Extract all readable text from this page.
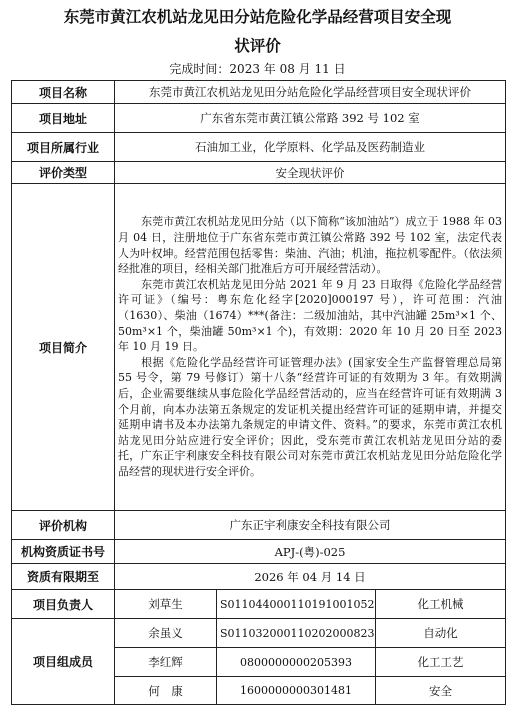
东莞市黄江农机站龙见田分站危险化学品经营项目安全现
状评价
完成时间：2023 年 08 月 11 日
项目名称	东莞市黄江农机站龙见田分站危险化学品经营项目安全现状评价		
项目地址	广东省东莞市黄江镇公常路 392 号 102 室		
项目所属行业	石油加工业，化学原料、化学品及医药制造业		
评价类型	安全现状评价		
项目简介	东莞市黄江农机站龙见田分站（以下简称“该加油站”）成立于 1988 年 03 月 04 日，注册地位于广东省东莞市黄江镇公常路 392 号 102 室，法定代表人为叶权坤。经营范围包括零售：柴油、汽油；机油，拖拉机零配件。（依法须经批准的项目，经相关部门批准后方可开展经营活动）。

东莞市黄江农机站龙见田分站 2021 年 9 月 23 日取得《危险化学品经营许可证》（编号：粤东危化经字[2020]000197 号），许可范围：汽油（1630）、柴油（1674）***(备注：二级加油站，其中汽油罐 25m³×1 个、50m³×1 个，柴油罐 50m³×1 个)，有效期：2020 年 10 月 20 日至 2023 年 10 月 19 日。

根据《危险化学品经营许可证管理办法》(国家安全生产监督管理总局第 55 号令，第 79 号修订）第十八条“经营许可证的有效期为 3 年。有效期满后，企业需要继续从事危险化学品经营活动的，应当在经营许可证有效期满 3 个月前，向本办法第五条规定的发证机关提出经营许可证的延期申请，并提交延期申请书及本办法第九条规定的申请文件、资料。”的要求，东莞市黄江农机站龙见田分站应进行安全评价；因此，受东莞市黄江农机站龙见田分站的委托，广东正宇利康安全科技有限公司对东莞市黄江农机站龙见田分站危险化学品经营的现状进行安全评价。		

评价机构	广东正宇利康安全科技有限公司		
机构资质证书号	APJ-(粤)-025		
资质有限期至	2026 年 04 月 14 日		
项目负责人	刘草生	S011044000110191001052	化工机械
项目组成员	余虽义	S011032000110202000823	自动化
	李红辉	0800000000205393	化工工艺
	何　康	1600000000301481	安全
